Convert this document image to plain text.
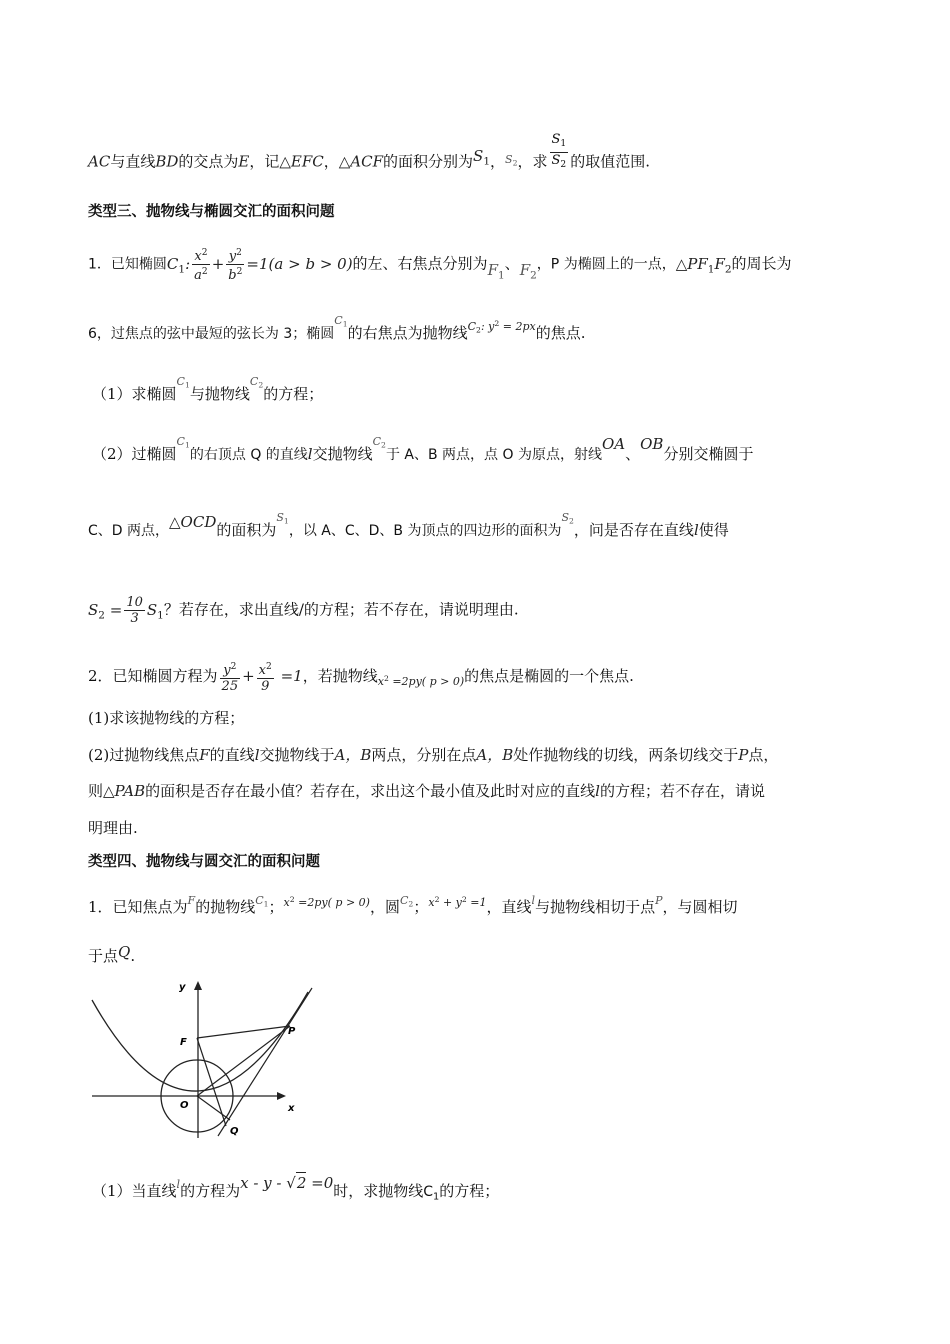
AC与直线BD的交点为E，记△EFC，△ACF的面积分别为$S_1$，$^{S_2}$，求 $\frac{S_1}{S_2}$ 的取值范围.
类型三、抛物线与椭圆交汇的面积问题
1．已知椭圆$C_1$: $\frac{x^2}{a^2} + \frac{y^2}{b^2} =1(a > b > 0)$的左、右焦点分别为$F_1$、$F_2$，P 为椭圆上的一点，$\triangle PF_1F_2$的周长为
6，过焦点的弦中最短的弦长为 3；椭圆$^{C_1}$的右焦点为抛物线$^{C_2: y^2 = 2px}$的焦点.
（1）求椭圆$^{C_1}$与抛物线$^{C_2}$的方程；
（2）过椭圆$^{C_1}$的右顶点 Q 的直线l交抛物线$^{C_2}$于 A、B 两点，点 O 为原点，射线OA、OB分别交椭圆于
C、D 两点，△OCD的面积为$^{S_1}$，以 A、C、D、B 为顶点的四边形的面积为$^{S_2}$，问是否存在直线l使得
$S_2 = \frac{10}{3} S_1$？若存在，求出直线/的方程；若不存在，请说明理由.
2．已知椭圆方程为 $\frac{y^2}{25} + \frac{x^2}{9} =1$，若抛物线$_{x^2 =2py( p > 0)}$的焦点是椭圆的一个焦点.
(1)求该抛物线的方程；
(2)过抛物线焦点F的直线l交抛物线于A，B两点，分别在点A，B处作抛物线的切线，两条切线交于P点，
则△PAB的面积是否存在最小值？若存在，求出这个最小值及此时对应的直线l的方程；若不存在，请说
明理由.
类型四、抛物线与圆交汇的面积问题
1．已知焦点为$^F$的抛物线$^{C_1}$；$^{x^2 =2py( p > 0)}$，圆$^{C_2}$；$^{x^2 + y^2 =1}$，直线$^l$与抛物线相切于点$^P$，与圆相切
于点Q.
x
y
F
P
O
Q
（1）当直线$^l$的方程为x - y - √2 =0时，求抛物线$C_1$的方程；
